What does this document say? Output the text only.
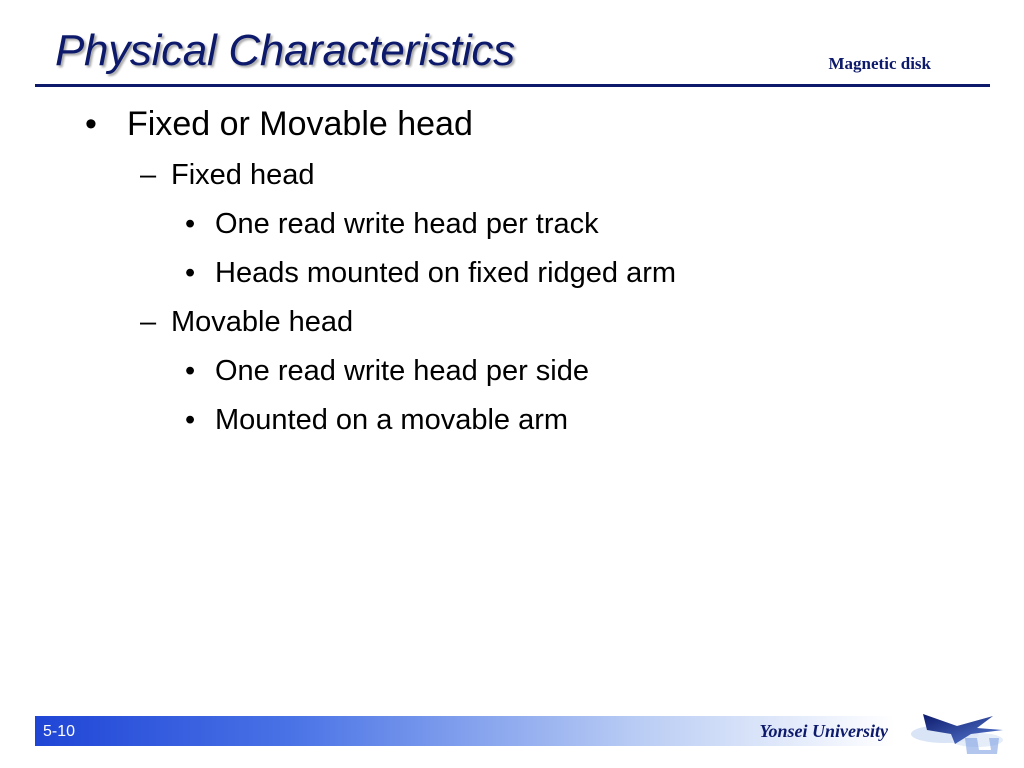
Physical Characteristics	Magnetic disk
• Fixed or Movable head
– Fixed head
• One read write head per track
• Heads mounted on fixed ridged arm
– Movable head
• One read write head per side
• Mounted on a movable arm
5-10	Yonsei University
